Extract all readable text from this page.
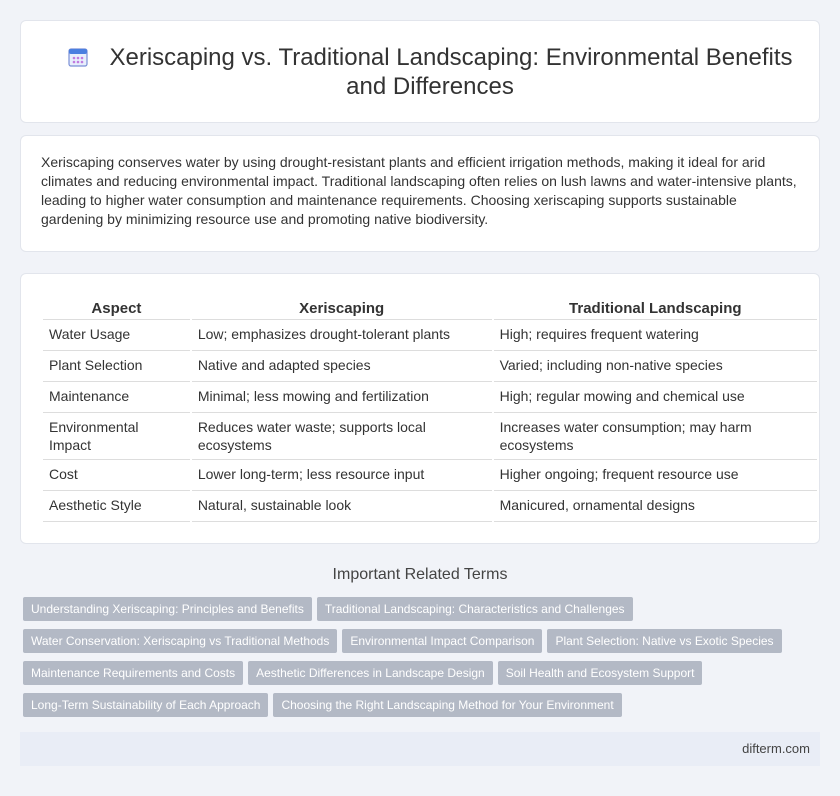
Xeriscaping vs. Traditional Landscaping: Environmental Benefits and Differences

Xeriscaping conserves water by using drought-resistant plants and efficient irrigation methods, making it ideal for arid climates and reducing environmental impact. Traditional landscaping often relies on lush lawns and water-intensive plants, leading to higher water consumption and maintenance requirements. Choosing xeriscaping supports sustainable gardening by minimizing resource use and promoting native biodiversity.

Aspect	Xeriscaping	Traditional Landscaping
Water Usage	Low; emphasizes drought-tolerant plants	High; requires frequent watering
Plant Selection	Native and adapted species	Varied; including non-native species
Maintenance	Minimal; less mowing and fertilization	High; regular mowing and chemical use
Environmental Impact	Reduces water waste; supports local ecosystems	Increases water consumption; may harm ecosystems
Cost	Lower long-term; less resource input	Higher ongoing; frequent resource use
Aesthetic Style	Natural, sustainable look	Manicured, ornamental designs
Important Related Terms
Understanding Xeriscaping: Principles and Benefits Traditional Landscaping: Characteristics and Challenges
Water Conservation: Xeriscaping vs Traditional Methods Environmental Impact Comparison Plant Selection: Native vs Exotic Species
Maintenance Requirements and Costs Aesthetic Differences in Landscape Design Soil Health and Ecosystem Support
Long-Term Sustainability of Each Approach Choosing the Right Landscaping Method for Your Environment
difterm.com
